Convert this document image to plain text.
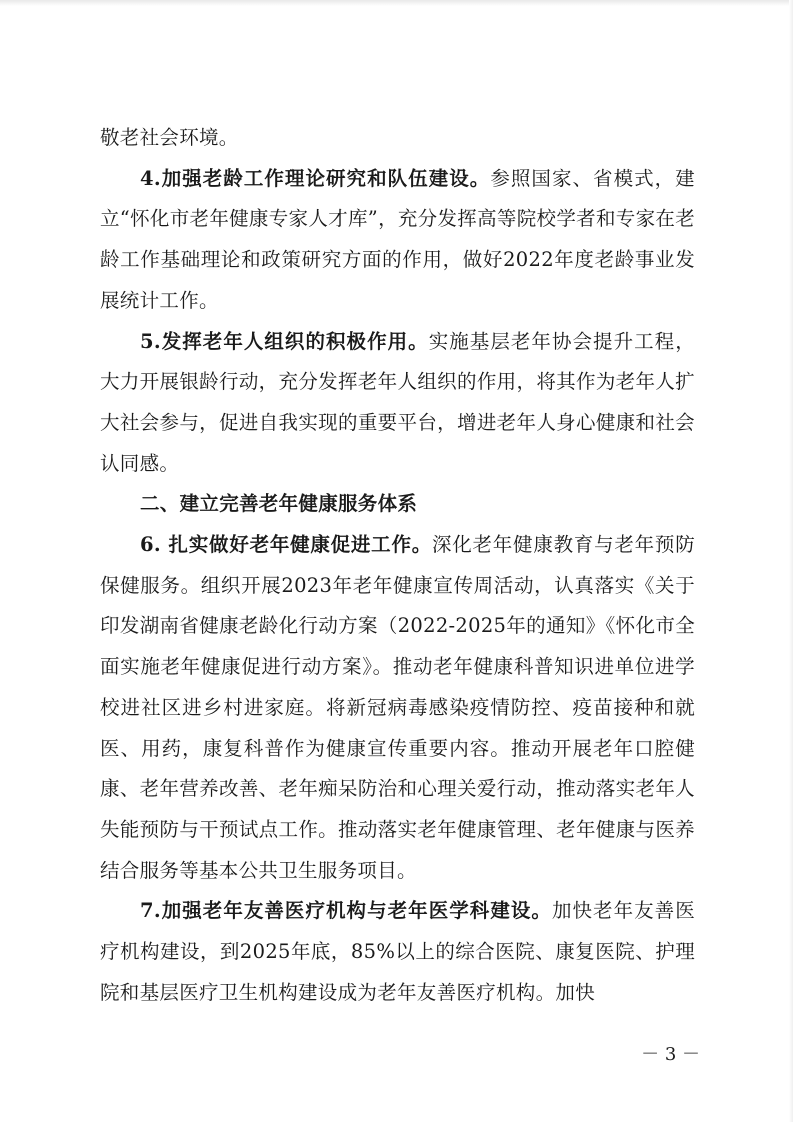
敬老社会环境。

4.加强老龄工作理论研究和队伍建设。参照国家、省模式，建立“怀化市老年健康专家人才库”，充分发挥高等院校学者和专家在老龄工作基础理论和政策研究方面的作用，做好2022年度老龄事业发展统计工作。

5.发挥老年人组织的积极作用。实施基层老年协会提升工程，大力开展银龄行动，充分发挥老年人组织的作用，将其作为老年人扩大社会参与，促进自我实现的重要平台，增进老年人身心健康和社会认同感。

二、建立完善老年健康服务体系

6. 扎实做好老年健康促进工作。深化老年健康教育与老年预防保健服务。组织开展2023年老年健康宣传周活动，认真落实《关于印发湖南省健康老龄化行动方案（2022-2025年的通知》《怀化市全面实施老年健康促进行动方案》。推动老年健康科普知识进单位进学校进社区进乡村进家庭。将新冠病毒感染疫情防控、疫苗接种和就医、用药，康复科普作为健康宣传重要内容。推动开展老年口腔健康、老年营养改善、老年痴呆防治和心理关爱行动，推动落实老年人失能预防与干预试点工作。推动落实老年健康管理、老年健康与医养结合服务等基本公共卫生服务项目。

7.加强老年友善医疗机构与老年医学科建设。加快老年友善医疗机构建设，到2025年底，85%以上的综合医院、康复医院、护理院和基层医疗卫生机构建设成为老年友善医疗机构。加快

－ 3 －
